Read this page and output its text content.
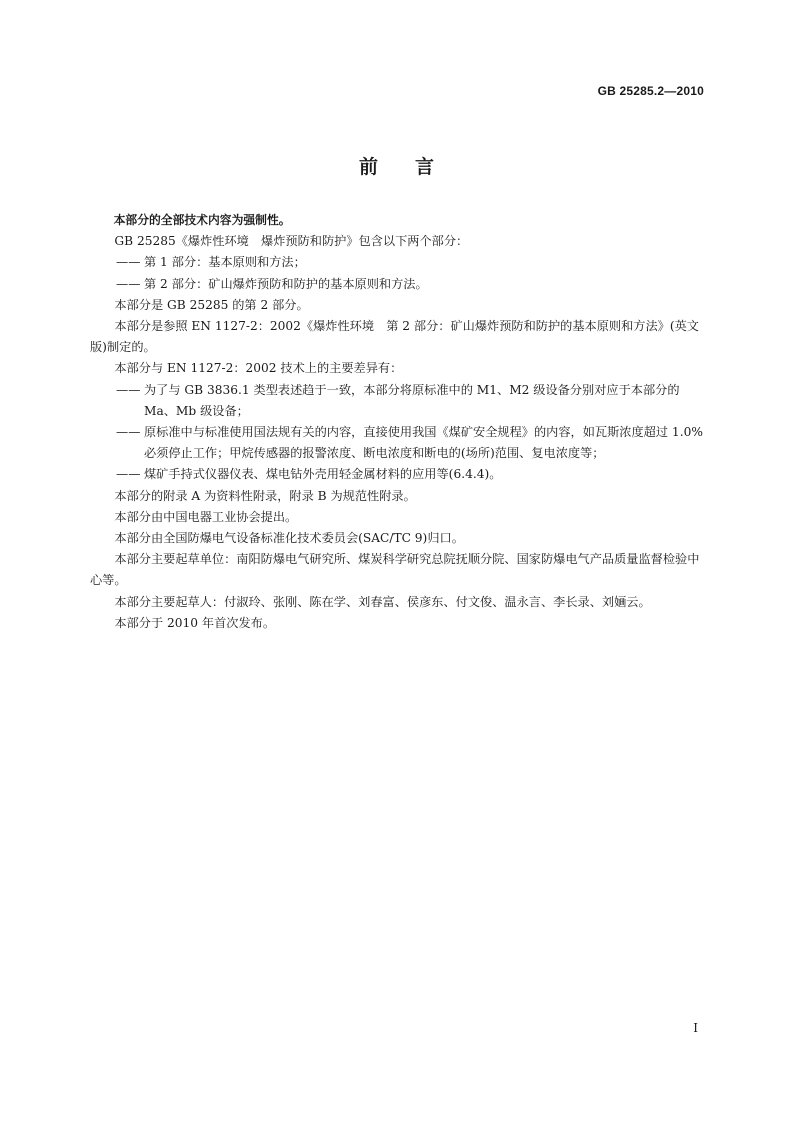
GB 25285.2—2010
前 言

本部分的全部技术内容为强制性。

GB 25285《爆炸性环境　爆炸预防和防护》包含以下两个部分：

—— 第 1 部分：基本原则和方法；

—— 第 2 部分：矿山爆炸预防和防护的基本原则和方法。

本部分是 GB 25285 的第 2 部分。

本部分是参照 EN 1127-2：2002《爆炸性环境　第 2 部分：矿山爆炸预防和防护的基本原则和方法》(英文版)制定的。

本部分与 EN 1127-2：2002 技术上的主要差异有：

—— 为了与 GB 3836.1 类型表述趋于一致，本部分将原标准中的 M1、M2 级设备分别对应于本部分的 Ma、Mb 级设备；

—— 原标准中与标准使用国法规有关的内容，直接使用我国《煤矿安全规程》的内容，如瓦斯浓度超过 1.0%必须停止工作；甲烷传感器的报警浓度、断电浓度和断电的(场所)范围、复电浓度等；

—— 煤矿手持式仪器仪表、煤电钻外壳用轻金属材料的应用等(6.4.4)。

本部分的附录 A 为资料性附录，附录 B 为规范性附录。

本部分由中国电器工业协会提出。

本部分由全国防爆电气设备标准化技术委员会(SAC/TC 9)归口。

本部分主要起草单位：南阳防爆电气研究所、煤炭科学研究总院抚顺分院、国家防爆电气产品质量监督检验中心等。

本部分主要起草人：付淑玲、张刚、陈在学、刘春富、侯彦东、付文俊、温永言、李长录、刘婳云。

本部分于 2010 年首次发布。

I
